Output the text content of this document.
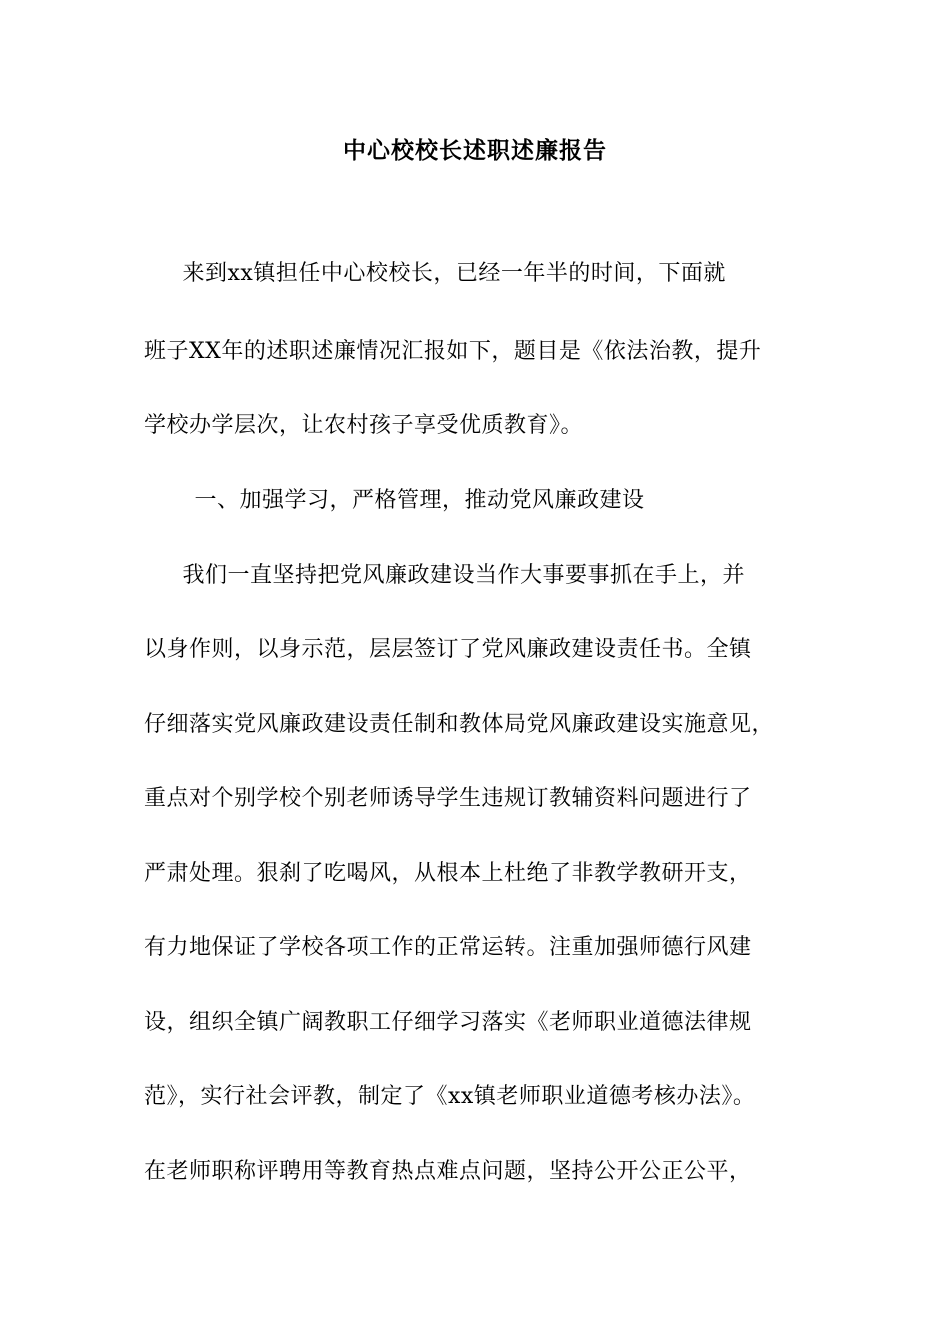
中心校校长述职述廉报告
　来到xx镇担任中心校校长，已经一年半的时间，下面就
班子XX年的述职述廉情况汇报如下，题目是《依法治教，提升
学校办学层次，让农村孩子享受优质教育》。
　一、加强学习，严格管理，推动党风廉政建设
　我们一直坚持把党风廉政建设当作大事要事抓在手上，并
以身作则，以身示范，层层签订了党风廉政建设责任书。全镇
仔细落实党风廉政建设责任制和教体局党风廉政建设实施意见，
重点对个别学校个别老师诱导学生违规订教辅资料问题进行了
严肃处理。狠刹了吃喝风，从根本上杜绝了非教学教研开支，
有力地保证了学校各项工作的正常运转。注重加强师德行风建
设，组织全镇广阔教职工仔细学习落实《老师职业道德法律规
范》，实行社会评教，制定了《xx镇老师职业道德考核办法》。
在老师职称评聘用等教育热点难点问题，坚持公开公正公平，
